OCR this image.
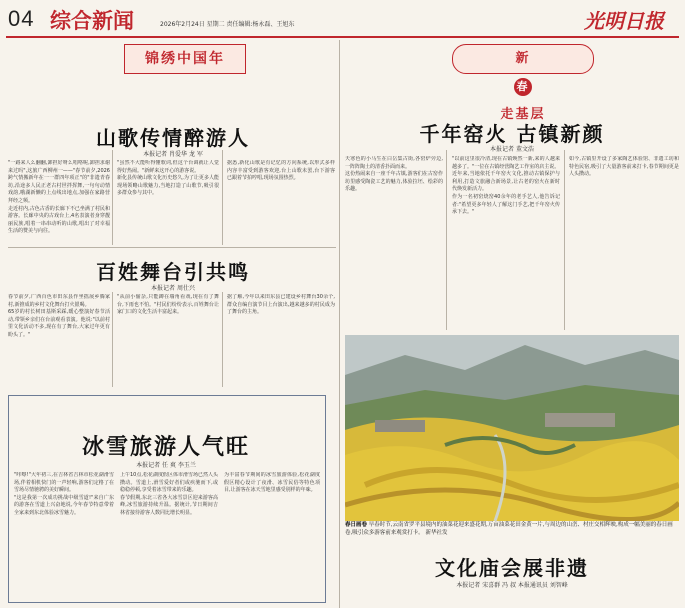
04 综合新闻	2026年2月24日 星期二 责任编辑:杨永磊、王旭东	光明日报
锦绣中国年	新
春
走基层
山歌传情醉游人
本报记者 肖爱华 龙 军

"一路来人么翻翻,卸担好呀么唱咯呢,卸担求谢来过吗",这旅广西柳州一——"春节前夕,2026跨气情搬新年在一一群四年项正"的"非遗青春坊,沿途多人民正老古村世拌挥舞,一句句动情戏韵,哦湖新懒的上点线出地点,加强在家路营拜经之频。

走近村内,古色古香的长廊下不已坐满了村民和游客。长廊中央的古戏台上,4名表演者身穿靓丽民族,唱着一串串动听的山歌,唱出了对幸福生活的赞美与向往。

"虽然不大能听得懂歌词,但这个台调就让人觉得好热闹。"新鲜来这开心的游客说。

新化县传统山歌文化历史悠久,为了让更多人能现场领略山歌魅力,当地打造了山歌节,吸引很多群众参与其中。

据悉,新化山歌是有记忆的方向系统,以形式多样内容丰富受到游客欢迎,台上山歌未罢,台下游客已跟着节拍哼唱,现场氛围热烈。

百姓舞台引共鸣
本报记者 周仕兴

春节前夕,广西百色市田东县作坐摇展乡腾家村,新推成的乡村文化舞台打火银喝。

65岁的村长树田基斯采踩,暖心整演好春节活动,带领乡亲们在台前观看表演。他说:"以前村里文化活动不多,现在有了舞台,大家过年更有盼头了。"

"从前小偷杂,只能蹲在墙角看戏,现在有了舞台,下雨也不怕。"村民们纷纷表示,百姓舞台让家门口的文化生活丰富起来。

据了解,今年以来田东县已建设乡村舞台30余个,群众自编自演节目上台演出,越来越多的村民成为了舞台的主角。

冰雪旅游人气旺
本报记者 任 爽 李玉兰

"咔嚓!"大年初三,在吉林省吉林市松花湖滑雪场,伴着相机快门的一声轻响,游客们定格了在雪场尽情驰骋的美好瞬间。

"这是我第一次成功挑战中级雪道!"来自广东的游客在雪道上兴奋地说,今年春节特意带着全家来到东北体验冰雪魅力。

上午10点,松花湖度假区体市滑雪场已然人头攒动。雪道上,滑雪爱好者们或疾驰而下,或稳稳停顿,享受着冰雪带来的乐趣。

春节假期,东北三省各大冰雪景区迎来游客高峰,冰雪旅游持续升温。据统计,节日期间吉林省接待游客人数同比增长明显。

为丰富春节期间的冰雪旅游体验,松花湖度假区精心设计了夜滑、冰雪民俗等特色项目,让游客在冰天雪地里感受别样的年味。

千年窑火 古镇新颜
本报记者 董文浩

天寒色的小马生在白岳集古街,各窑炉旁边,一阵阵陶土的清香扑面而来。

这份热闹来自一座千年古镇,游客们在古窑作坊里感受陶瓷工艺的魅力,体验拉坯、绘彩的乐趣。

"以前这里很冷清,现在古镇焕然一新,来的人越来越多了。"一位在古镇经营陶艺工作室的店主说。

近年来,当地依托千年窑火文化,推动古镇保护与利用,打造文旅融合新场景,让古老的窑火在新时代焕发新活力。

作为一名初窑烧窑40余年的老手艺人,他告诉记者:"希望更多年轻人了解这门手艺,把千年窑火传承下去。"

如今,古镇里开设了多家陶艺体验馆、非遗工坊和特色民宿,吸引了大量游客前来打卡,春节期间更是人头攒动。

春日画卷 早春时节,云南省罗平县境内的油菜花迎来盛花期,万亩油菜花田金黄一片,与周边的山峦、村庄交相辉映,构成一幅美丽的春日画卷,吸引众多游客前来观赏打卡。 新华社发
文化庙会展非遗
本报记者 宋喜群 冯 叔 本报通讯员 刘智峰
